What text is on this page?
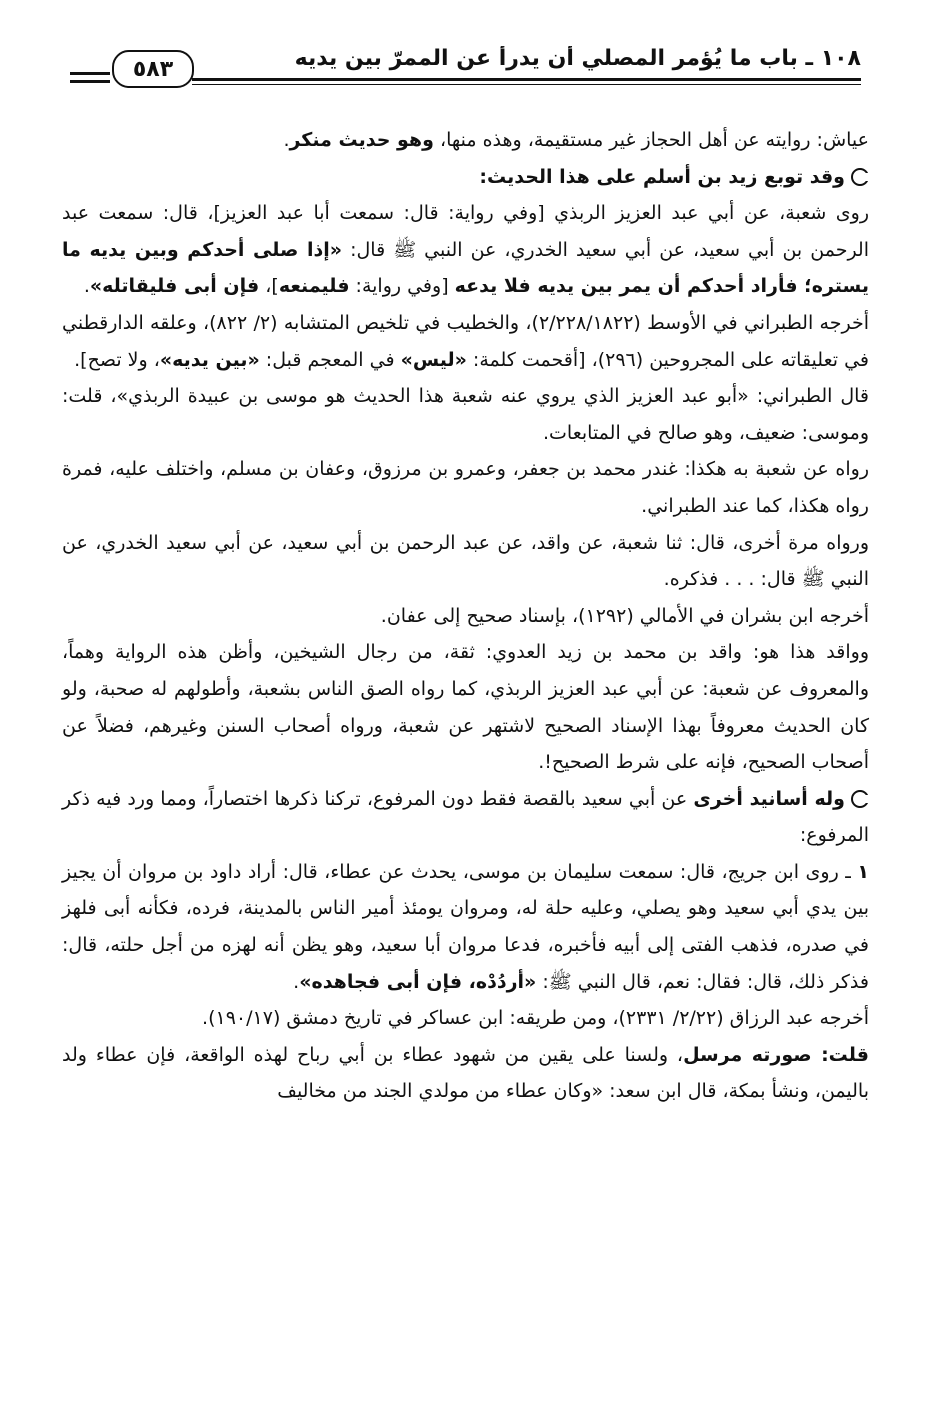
١٠٨ ـ باب ما يُؤمر المصلي أن يدرأ عن الممرّ بين يديه
٥٨٣

عياش: روايته عن أهل الحجاز غير مستقيمة، وهذه منها، وهو حديث منكر.

وقد توبع زيد بن أسلم على هذا الحديث:

روى شعبة، عن أبي عبد العزيز الربذي [وفي رواية: قال: سمعت أبا عبد العزيز]، قال: سمعت عبد الرحمن بن أبي سعيد، عن أبي سعيد الخدري، عن النبي ﷺ قال: «إذا صلى أحدكم وبين يديه ما يستره؛ فأراد أحدكم أن يمر بين يديه فلا يدعه [وفي رواية: فليمنعه]، فإن أبى فليقاتله».

أخرجه الطبراني في الأوسط (٢/٢٢٨/١٨٢٢)، والخطيب في تلخيص المتشابه (٢/ ٨٢٢)، وعلقه الدارقطني في تعليقاته على المجروحين (٢٩٦)، [أقحمت كلمة: «ليس» في المعجم قبل: «بين يديه»، ولا تصح].

قال الطبراني: «أبو عبد العزيز الذي يروي عنه شعبة هذا الحديث هو موسى بن عبيدة الربذي»، قلت: وموسى: ضعيف، وهو صالح في المتابعات.

رواه عن شعبة به هكذا: غندر محمد بن جعفر، وعمرو بن مرزوق، وعفان بن مسلم، واختلف عليه، فمرة رواه هكذا، كما عند الطبراني.

ورواه مرة أخرى، قال: ثنا شعبة، عن واقد، عن عبد الرحمن بن أبي سعيد، عن أبي سعيد الخدري، عن النبي ﷺ قال: . . . فذكره.

أخرجه ابن بشران في الأمالي (١٢٩٢)، بإسناد صحيح إلى عفان.

وواقد هذا هو: واقد بن محمد بن زيد العدوي: ثقة، من رجال الشيخين، وأظن هذه الرواية وهماً، والمعروف عن شعبة: عن أبي عبد العزيز الربذي، كما رواه الصق الناس بشعبة، وأطولهم له صحبة، ولو كان الحديث معروفاً بهذا الإسناد الصحيح لاشتهر عن شعبة، ورواه أصحاب السنن وغيرهم، فضلاً عن أصحاب الصحيح، فإنه على شرط الصحيح!.

وله أسانيد أخرى عن أبي سعيد بالقصة فقط دون المرفوع، تركنا ذكرها اختصاراً، ومما ورد فيه ذكر المرفوع:

١ ـ روى ابن جريج، قال: سمعت سليمان بن موسى، يحدث عن عطاء، قال: أراد داود بن مروان أن يجيز بين يدي أبي سعيد وهو يصلي، وعليه حلة له، ومروان يومئذ أمير الناس بالمدينة، فرده، فكأنه أبى فلهز في صدره، فذهب الفتى إلى أبيه فأخبره، فدعا مروان أبا سعيد، وهو يظن أنه لهزه من أجل حلته، قال: فذكر ذلك، قال: فقال: نعم، قال النبي ﷺ: «أردُدْه، فإن أبى فجاهده».

أخرجه عبد الرزاق (٢/٢٢/ ٢٣٣١)، ومن طريقه: ابن عساكر في تاريخ دمشق (١٩٠/١٧).

قلت: صورته مرسل، ولسنا على يقين من شهود عطاء بن أبي رباح لهذه الواقعة، فإن عطاء ولد باليمن، ونشأ بمكة، قال ابن سعد: «وكان عطاء من مولدي الجند من مخاليف
